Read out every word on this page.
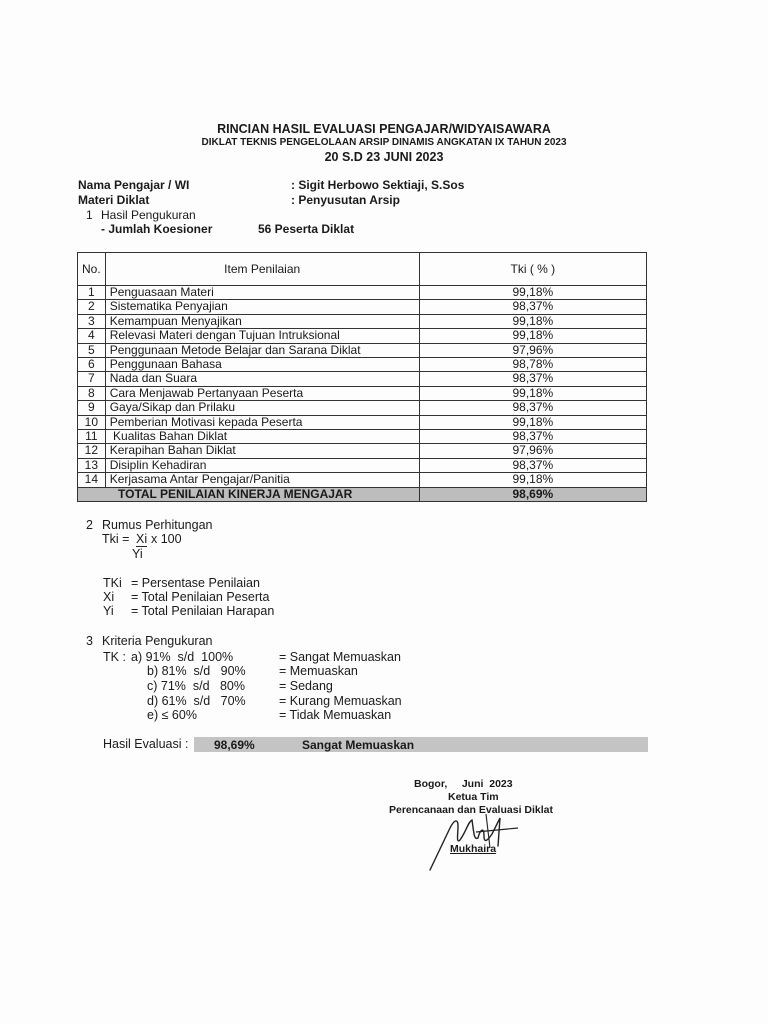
RINCIAN HASIL EVALUASI PENGAJAR/WIDYAISAWARA
DIKLAT TEKNIS PENGELOLAAN ARSIP DINAMIS ANGKATAN IX TAHUN 2023
20 S.D 23 JUNI 2023
Nama Pengajar / WI	: Sigit Herbowo Sektiaji, S.Sos
Materi Diklat	: Penyusutan Arsip
1 Hasil Pengukuran
- Jumlah Koesioner	56 Peserta Diklat
No.	Item Penilaian	Tki ( % )
1	Penguasaan Materi	99,18%
2	Sistematika Penyajian	98,37%
3	Kemampuan Menyajikan	99,18%
4	Relevasi Materi dengan Tujuan Intruksional	99,18%
5	Penggunaan Metode Belajar dan Sarana Diklat	97,96%
6	Penggunaan Bahasa	98,78%
7	Nada dan Suara	98,37%
8	Cara Menjawab Pertanyaan Peserta	99,18%
9	Gaya/Sikap dan Prilaku	98,37%
10	Pemberian Motivasi kepada Peserta	99,18%
11	Kualitas Bahan Diklat	98,37%
12	Kerapihan Bahan Diklat	97,96%
13	Disiplin Kehadiran	98,37%
14	Kerjasama Antar Pengajar/Panitia	99,18%
TOTAL PENILAIAN KINERJA MENGAJAR		98,69%
2 Rumus Perhitungan
Tki = Xi x 100
Yi
TKi = Persentase Penilaian
Xi = Total Penilaian Peserta
Yi = Total Penilaian Harapan
3 Kriteria Pengukuran
TK : a) 91%  s/d  100%	= Sangat Memuaskan
b) 81%  s/d   90%	= Memuaskan
c) 71%  s/d   80%	= Sedang
d) 61%  s/d   70%	= Kurang Memuaskan
e) ≤ 60%	= Tidak Memuaskan
Hasil Evaluasi : 98,69%	Sangat Memuaskan
Bogor,     Juni  2023
Ketua Tim
Perencanaan dan Evaluasi Diklat
Mukhaira
